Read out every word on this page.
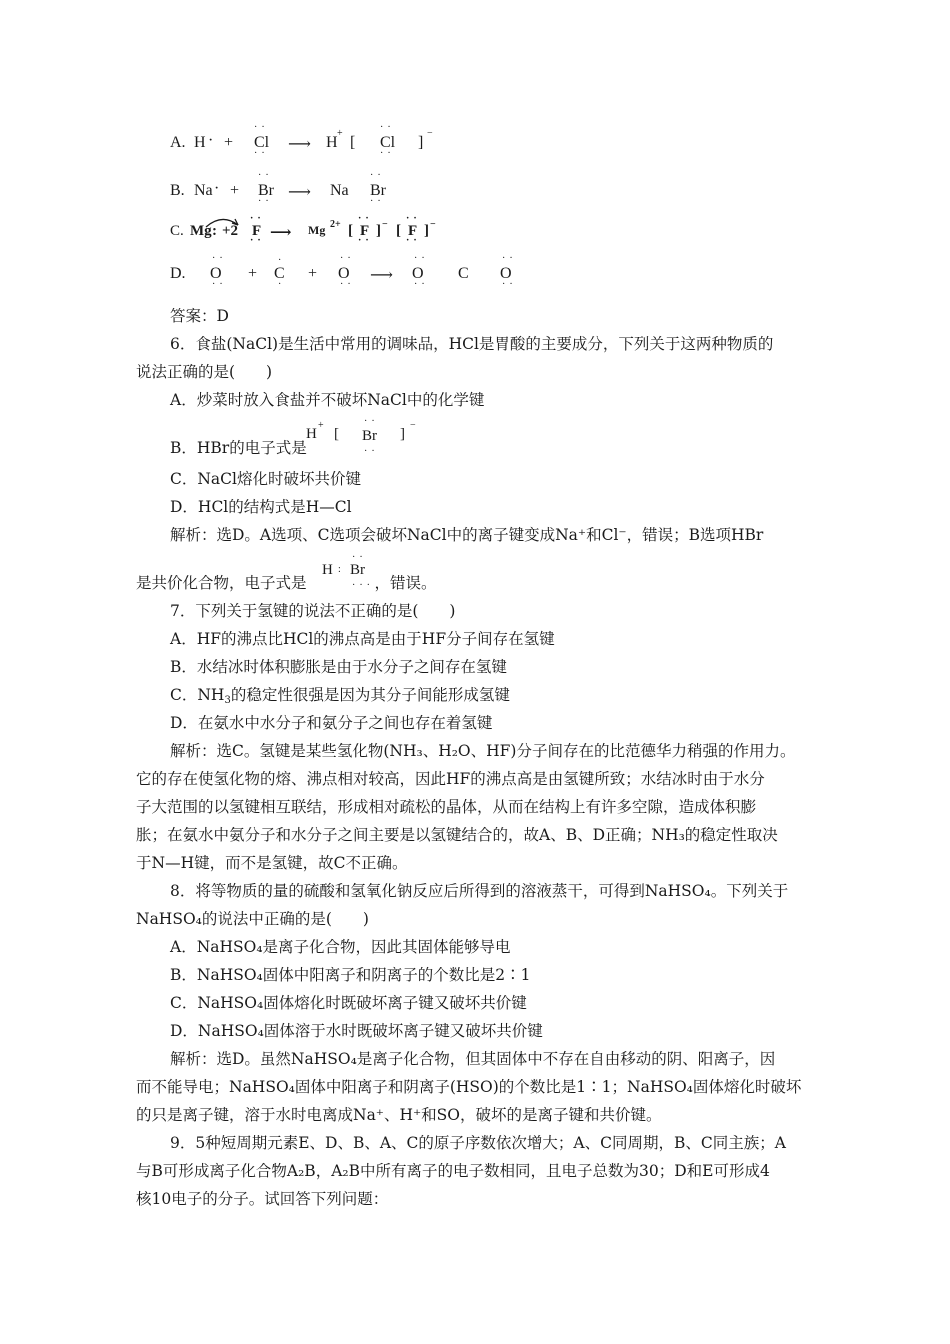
A. H · +
··
Cl
··
⟶ H
+
[
··
Cl
··
]
−
B. Na · +
··
Br
··
⟶ Na
··
Br
··
C. Mg : +2
··
F
·· ⟶ Mg 2+ [
··
F
··
] − [
··
F
··
] −
D.
··
O
··
+
·
C
·
+
··
O
··
⟶
··
O
··
C
··
O
··
答案：D
6．食盐(NaCl)是生活中常用的调味品，HCl是胃酸的主要成分，下列关于这两种物质的
说法正确的是(　　)
A．炒菜时放入食盐并不破坏NaCl中的化学键
B．HBr的电子式是
H
+
[
··
Br
··
]
−
C．NaCl熔化时破坏共价键
D．HCl的结构式是H—Cl
解析：选D。A选项、C选项会破坏NaCl中的离子键变成Na⁺和Cl⁻，错误；B选项HBr
是共价化合物，电子式是	，错误。
H :
··
Br
···
7．下列关于氢键的说法不正确的是(　　)
A．HF的沸点比HCl的沸点高是由于HF分子间存在氢键
B．水结冰时体积膨胀是由于水分子之间存在氢键
C．$NH_3$的稳定性很强是因为其分子间能形成氢键
D．在氨水中水分子和氨分子之间也存在着氢键
解析：选C。氢键是某些氢化物(NH₃、H₂O、HF)分子间存在的比范德华力稍强的作用力。
它的存在使氢化物的熔、沸点相对较高，因此HF的沸点高是由氢键所致；水结冰时由于水分
子大范围的以氢键相互联结，形成相对疏松的晶体，从而在结构上有许多空隙，造成体积膨
胀；在氨水中氨分子和水分子之间主要是以氢键结合的，故A、B、D正确；NH₃的稳定性取决
于N—H键，而不是氢键，故C不正确。
8．将等物质的量的硫酸和氢氧化钠反应后所得到的溶液蒸干，可得到NaHSO₄。下列关于
NaHSO₄的说法中正确的是(　　)
A．NaHSO₄是离子化合物，因此其固体能够导电
B．NaHSO₄固体中阳离子和阴离子的个数比是2∶1
C．NaHSO₄固体熔化时既破坏离子键又破坏共价键
D．NaHSO₄固体溶于水时既破坏离子键又破坏共价键
解析：选D。虽然NaHSO₄是离子化合物，但其固体中不存在自由移动的阴、阳离子，因
而不能导电；NaHSO₄固体中阳离子和阴离子(HSO)的个数比是1∶1；NaHSO₄固体熔化时破坏
的只是离子键，溶于水时电离成Na⁺、H⁺和SO，破坏的是离子键和共价键。
9．5种短周期元素E、D、B、A、C的原子序数依次增大；A、C同周期，B、C同主族；A
与B可形成离子化合物A₂B，A₂B中所有离子的电子数相同，且电子总数为30；D和E可形成4
核10电子的分子。试回答下列问题：
